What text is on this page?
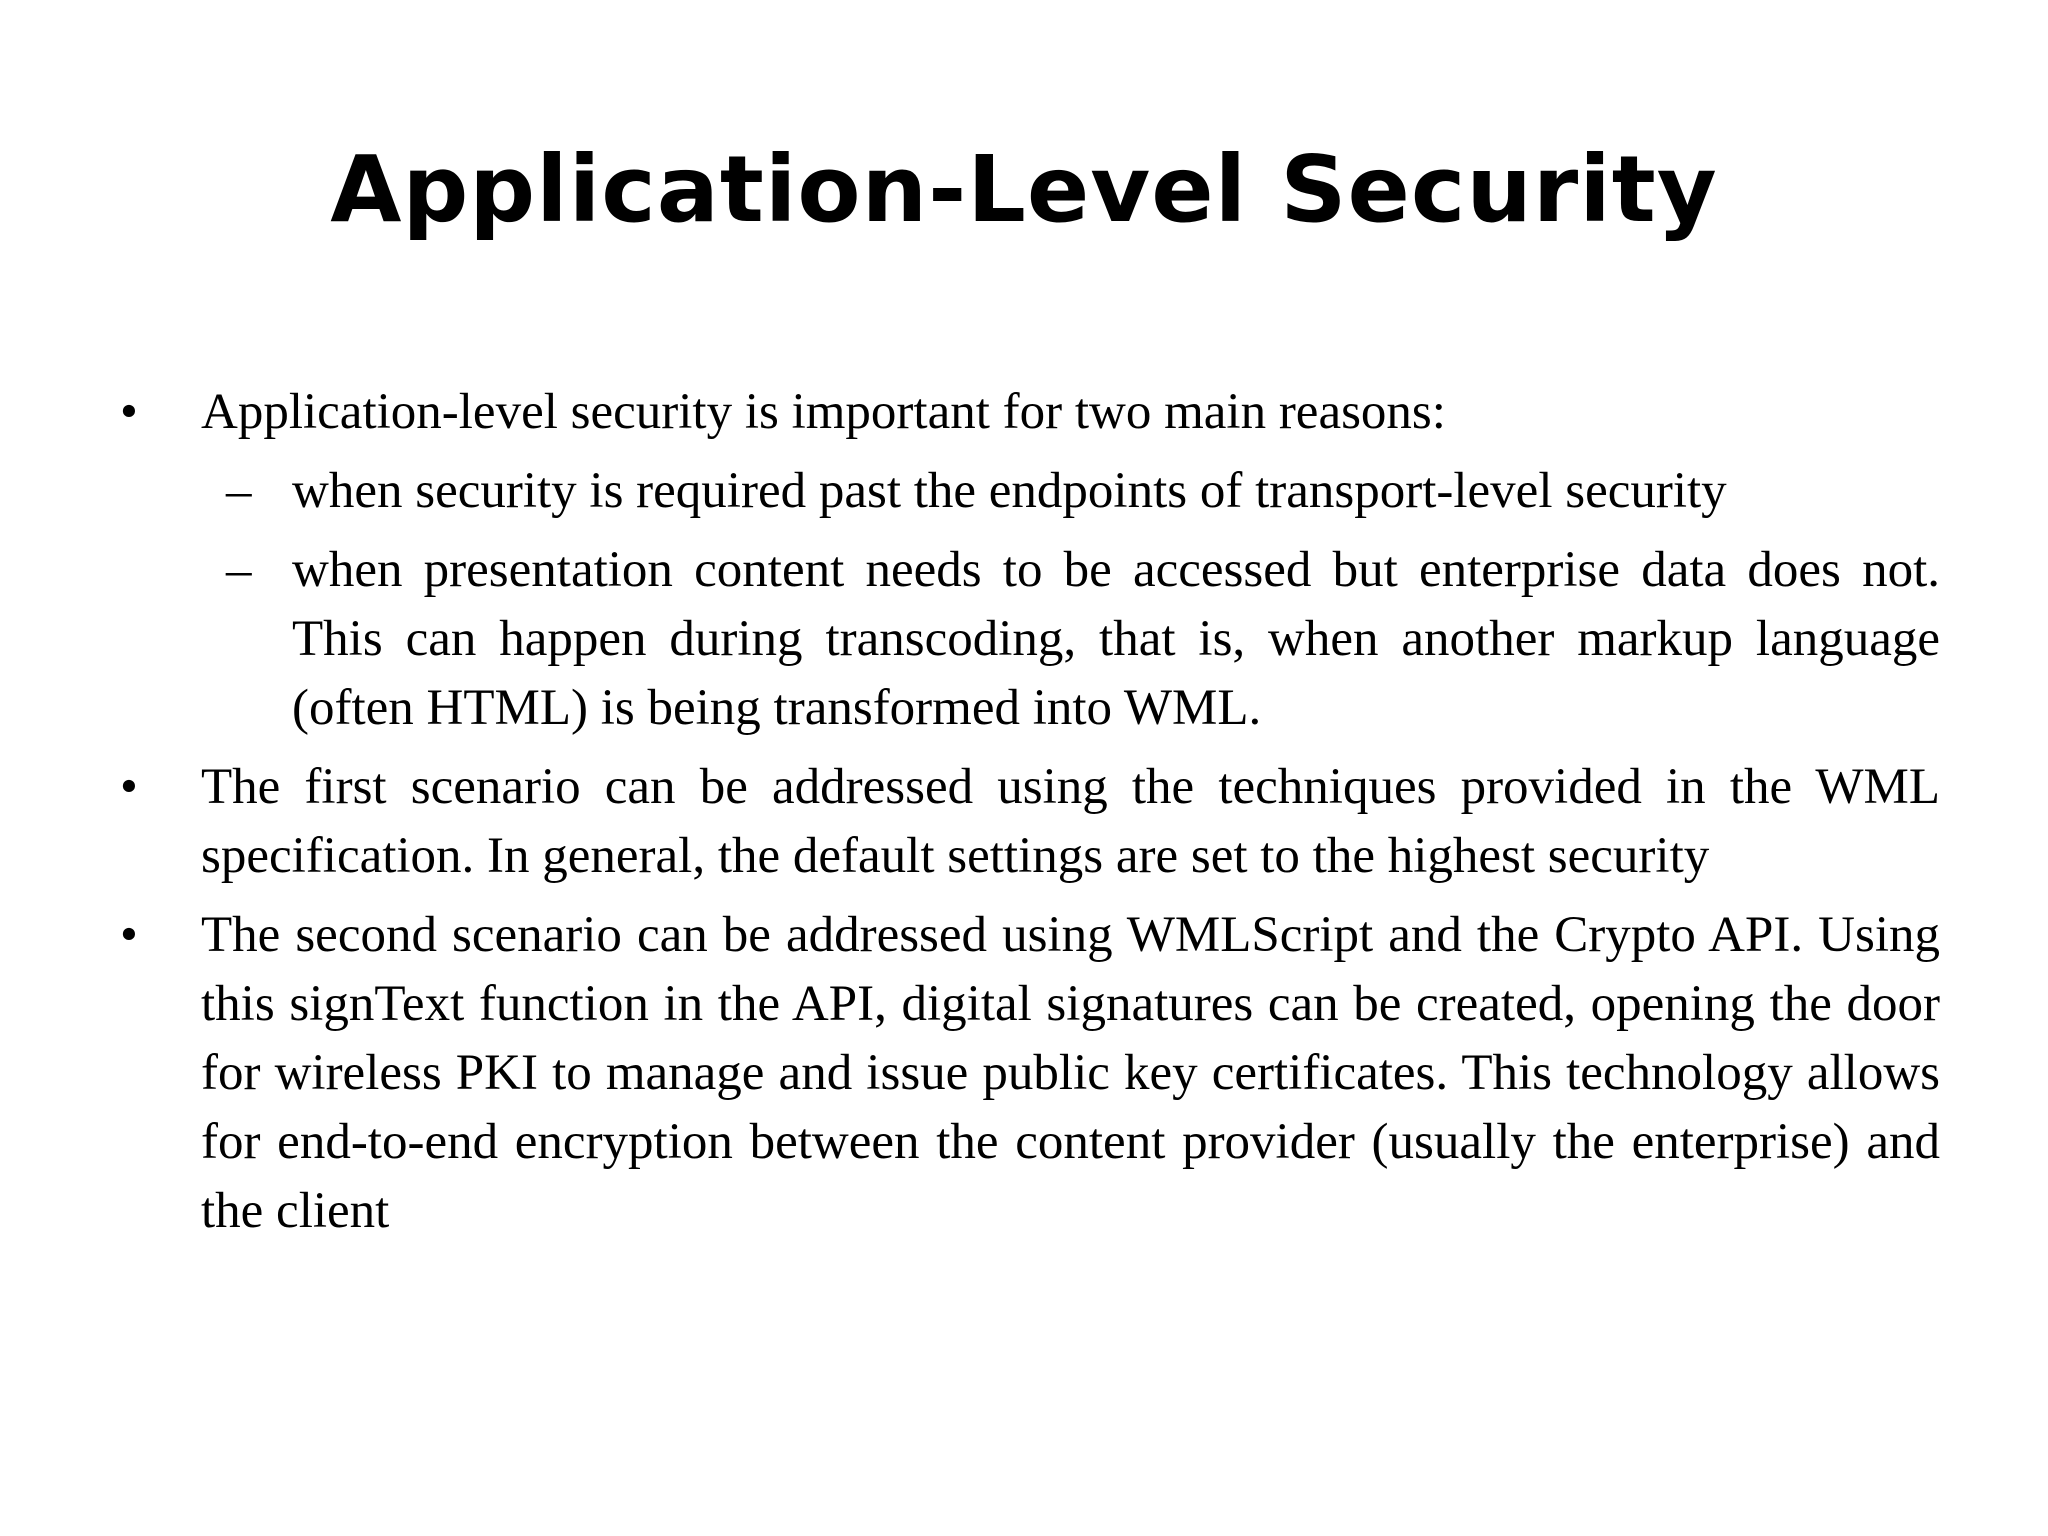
Application-Level Security
• Application-level security is important for two main reasons:
– when security is required past the endpoints of transport-level security
– when presentation content needs to be accessed but enterprise data does not. This can happen during transcoding, that is, when another markup language (often HTML) is being transformed into WML.
• The first scenario can be addressed using the techniques provided in the WML specification. In general, the default settings are set to the highest security
• The second scenario can be addressed using WMLScript and the Crypto API. Using this signText function in the API, digital signatures can be created, opening the door for wireless PKI to manage and issue public key certificates. This technology allows for end-to-end encryption between the content provider (usually the enterprise) and the client
